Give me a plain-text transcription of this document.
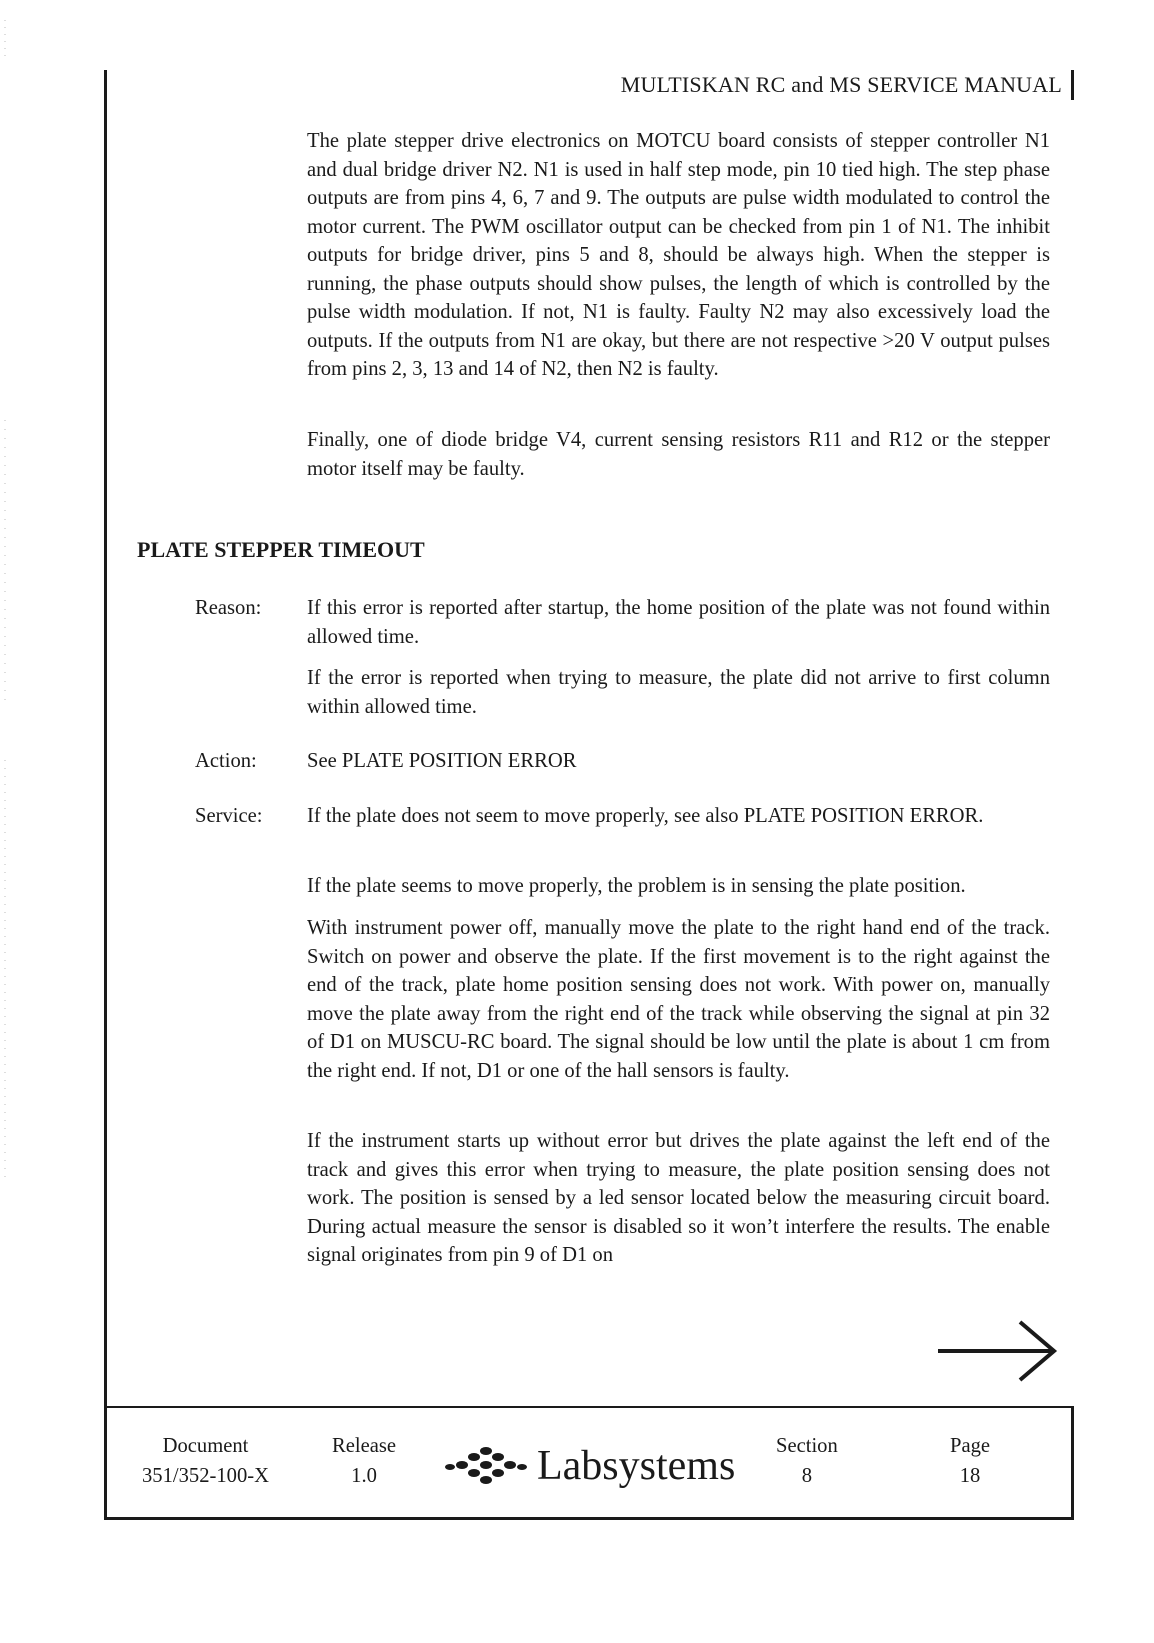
MULTISKAN RC and MS SERVICE MANUAL
The plate stepper drive electronics on MOTCU board consists of stepper controller N1 and dual bridge driver N2. N1 is used in half step mode, pin 10 tied high. The step phase outputs are from pins 4, 6, 7 and 9. The outputs are pulse width modulated to control the motor current. The PWM oscillator output can be checked from pin 1 of N1. The inhibit outputs for bridge driver, pins 5 and 8, should be always high. When the stepper is running, the phase outputs should show pulses, the length of which is controlled by the pulse width modulation. If not, N1 is faulty. Faulty N2 may also excessively load the outputs. If the outputs from N1 are okay, but there are not respective >20 V output pulses from pins 2, 3, 13 and 14 of N2, then N2 is faulty.
Finally, one of diode bridge V4, current sensing resistors R11 and R12 or the stepper motor itself may be faulty.
PLATE STEPPER TIMEOUT
Reason: If this error is reported after startup, the home position of the plate was not found within allowed time.
If the error is reported when trying to measure, the plate did not arrive to first column within allowed time.
Action: See PLATE POSITION ERROR
Service: If the plate does not seem to move properly, see also PLATE POSITION ERROR.
If the plate seems to move properly, the problem is in sensing the plate position.
With instrument power off, manually move the plate to the right hand end of the track. Switch on power and observe the plate. If the first movement is to the right against the end of the track, plate home position sensing does not work. With power on, manually move the plate away from the right end of the track while observing the signal at pin 32 of D1 on MUSCU-RC board. The signal should be low until the plate is about 1 cm from the right end. If not, D1 or one of the hall sensors is faulty.
If the instrument starts up without error but drives the plate against the left end of the track and gives this error when trying to measure, the plate position sensing does not work. The position is sensed by a led sensor located below the measuring circuit board. During actual measure the sensor is disabled so it won’t interfere the results. The enable signal originates from pin 9 of D1 on
Document
351/352-100-X
Release
1.0	Labsystems Section
8
Page
18
